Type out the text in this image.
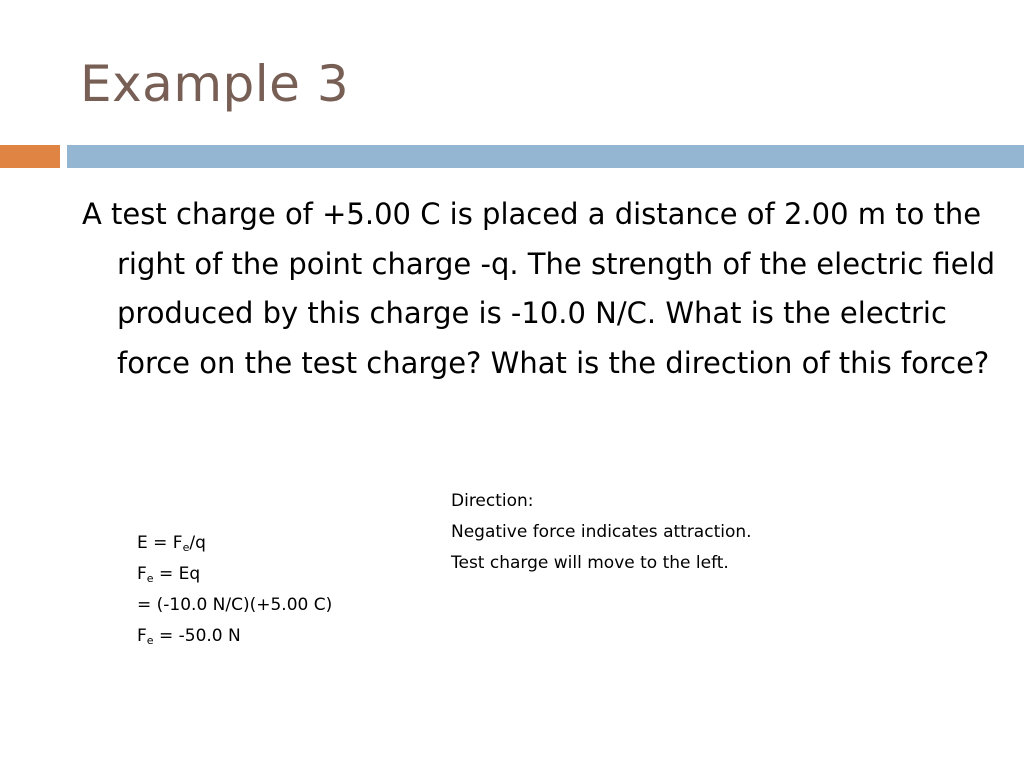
Example 3
A test charge of +5.00 C is placed a distance of 2.00 m to the right of the point charge -q. The strength of the electric field produced by this charge is -10.0 N/C. What is the electric force on the test charge? What is the direction of this force?
$E = F_e/q$
$F_e = Eq$
= (-10.0 N/C)(+5.00 C)
$F_e = -50.0$ N
Direction:
Negative force indicates attraction.
Test charge will move to the left.
